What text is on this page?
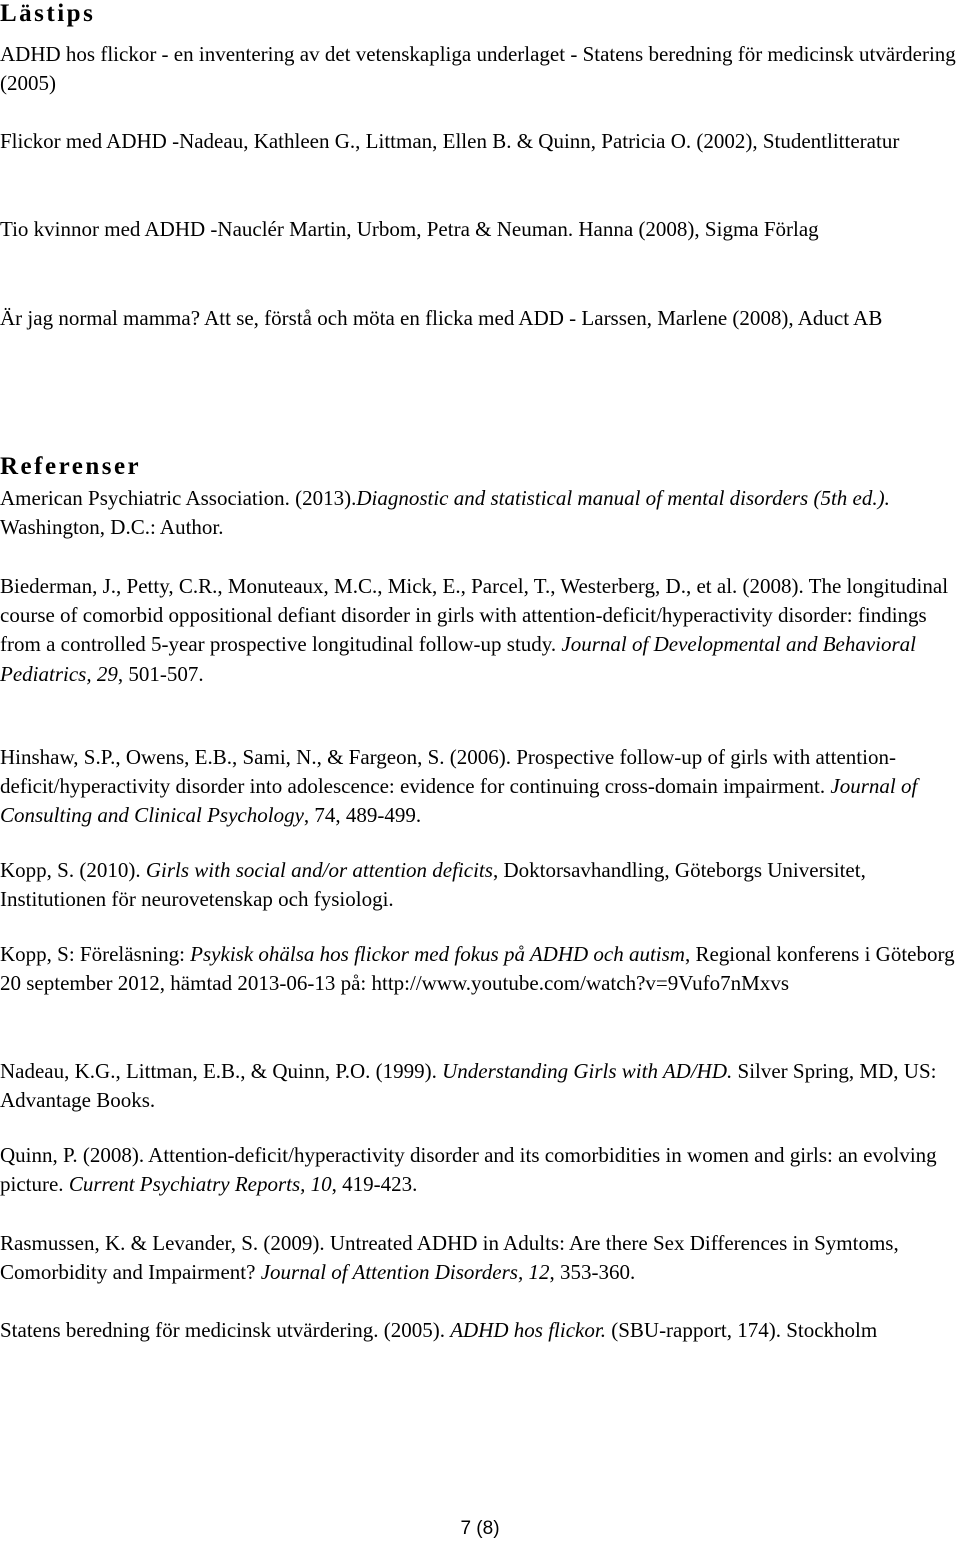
Lästips

ADHD hos flickor - en inventering av det vetenskapliga underlaget - Statens beredning för medicinsk utvärdering (2005)

Flickor med ADHD -Nadeau, Kathleen G., Littman, Ellen B. & Quinn, Patricia O. (2002), Studentlitteratur

Tio kvinnor med ADHD -Nauclér Martin, Urbom, Petra & Neuman. Hanna (2008), Sigma Förlag

Är jag normal mamma? Att se, förstå och möta en flicka med ADD - Larssen, Marlene (2008), Aduct AB

Referenser

American Psychiatric Association. (2013).Diagnostic and statistical manual of mental disorders (5th ed.). Washington, D.C.: Author.

Biederman, J., Petty, C.R., Monuteaux, M.C., Mick, E., Parcel, T., Westerberg, D., et al. (2008). The longitudinal course of comorbid oppositional defiant disorder in girls with attention-deficit/hyperactivity disorder: findings from a controlled 5-year prospective longitudinal follow-up study. Journal of Developmental and Behavioral Pediatrics, 29, 501-507.

Hinshaw, S.P., Owens, E.B., Sami, N., & Fargeon, S. (2006). Prospective follow-up of girls with attention-deficit/hyperactivity disorder into adolescence: evidence for continuing cross-domain impairment. Journal of Consulting and Clinical Psychology, 74, 489-499.

Kopp, S. (2010). Girls with social and/or attention deficits, Doktorsavhandling, Göteborgs Universitet, Institutionen för neurovetenskap och fysiologi.

Kopp, S: Föreläsning: Psykisk ohälsa hos flickor med fokus på ADHD och autism, Regional konferens i Göteborg 20 september 2012, hämtad 2013-06-13 på: http://www.youtube.com/watch?v=9Vufo7nMxvs

Nadeau, K.G., Littman, E.B., & Quinn, P.O. (1999). Understanding Girls with AD/HD. Silver Spring, MD, US: Advantage Books.

Quinn, P. (2008). Attention-deficit/hyperactivity disorder and its comorbidities in women and girls: an evolving picture. Current Psychiatry Reports, 10, 419-423.

Rasmussen, K. & Levander, S. (2009). Untreated ADHD in Adults: Are there Sex Differences in Symtoms, Comorbidity and Impairment? Journal of Attention Disorders, 12, 353-360.

Statens beredning för medicinsk utvärdering. (2005). ADHD hos flickor. (SBU-rapport, 174). Stockholm

7 (8)
